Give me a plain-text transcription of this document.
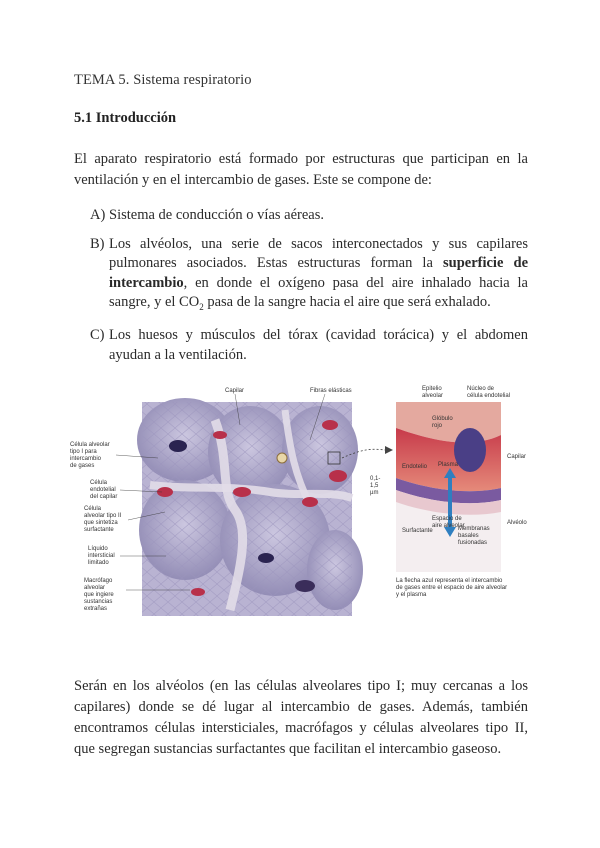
TEMA 5. Sistema respiratorio
5.1 Introducción
El aparato respiratorio está formado por estructuras que participan en la ventilación y en el intercambio de gases. Este se compone de:
A) Sistema de conducción o vías aéreas.
B) Los alvéolos, una serie de sacos interconectados y sus capilares pulmonares asociados. Estas estructuras forman la superficie de intercambio, en donde el oxígeno pasa del aire inhalado hacia la sangre, y el $CO_2$ pasa de la sangre hacia el aire que será exhalado.
C) Los huesos y músculos del tórax (cavidad torácica) y el abdomen ayudan a la ventilación.
Capilar	Fibras elásticas
Célula alveolar tipo I para intercambio de gases
Célula endotelial del capilar
Célula alveolar tipo II que sintetiza surfactante
Líquido intersticial limitado
Macrófago alveolar que ingiere sustancias extrañas
Epitelio alveolar
Núcleo de célula endotelial
Glóbulo rojo
Endotelio Plasma
Capilar
0,1- 1,5 µm
Espacio de aire alveolar
Surfactante	Membranas basales fusionadas
Alvéolo
La flecha azul representa el intercambio de gases entre el espacio de aire alveolar y el plasma
Serán en los alvéolos (en las células alveolares tipo I; muy cercanas a los capilares) donde se dé lugar al intercambio de gases. Además, también encontramos células intersticiales, macrófagos y células alveolares tipo II, que segregan sustancias surfactantes que facilitan el intercambio gaseoso.
